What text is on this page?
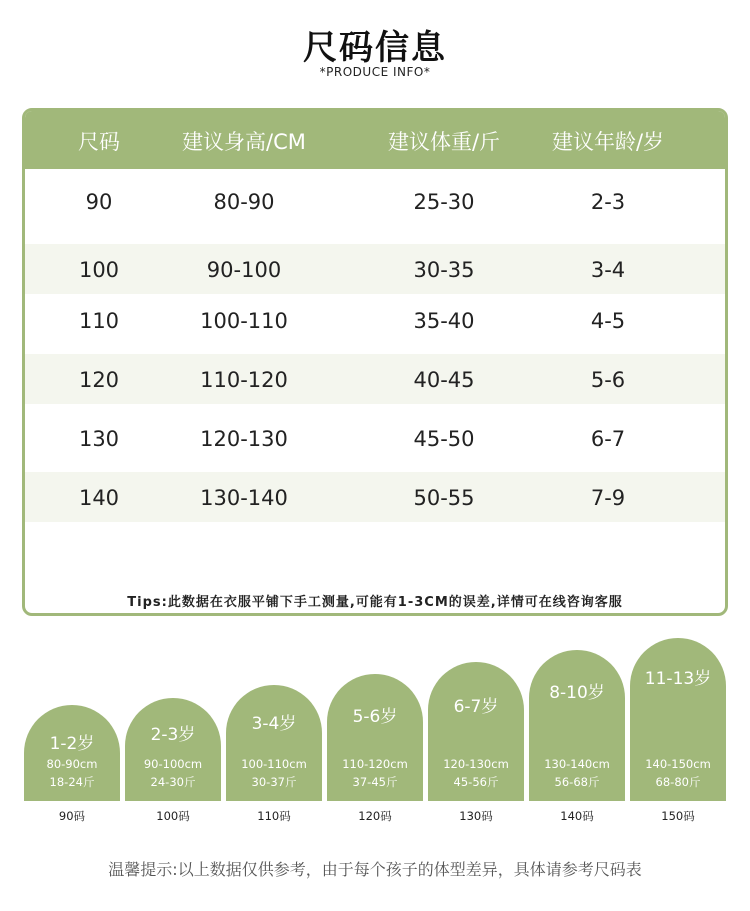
尺码信息
*PRODUCE INFO*
尺码	建议身高/CM	建议体重/斤	建议年龄/岁
90	80-90	25-30	2-3
100	90-100	30-35	3-4
110	100-110	35-40	4-5
120	110-120	40-45	5-6
130	120-130	45-50	6-7
140	130-140	50-55	7-9
Tips:此数据在衣服平铺下手工测量,可能有1-3CM的误差,详情可在线咨询客服
1-2岁
80-90cm
18-24斤
2-3岁
90-100cm
24-30斤
3-4岁
100-110cm
30-37斤
5-6岁
110-120cm
37-45斤
6-7岁
120-130cm
45-56斤
8-10岁
130-140cm
56-68斤
11-13岁
140-150cm
68-80斤
90码	100码	110码	120码	130码	140码	150码
温馨提示:以上数据仅供参考，由于每个孩子的体型差异，具体请参考尺码表
